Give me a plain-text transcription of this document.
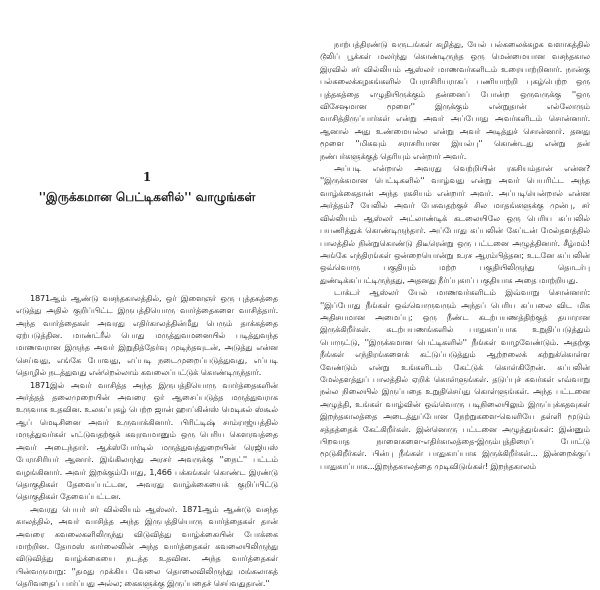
1
''இருக்கமான பெட்டிகளில்'' வாழுங்கள்

1871ஆம் ஆண்டு வசந்தகாலத்தில், ஒர் இளைஞர் ஒரு புத்தகத்தை எடுத்து அதில் குறிப்பிட்ட இருபத்தியொரு வார்த்தைகளை வாசித்தார். அந்த வார்த்தைகள் அவரது எதிர்காலத்தின்மீது பெரும் தாக்கத்தை ஏற்படுத்தின. மாண்ட்ரீல் பொது மருத்துவமனையில் படித்துவந்த மாணவரான இருந்த அவர் இறுதித்தேர்வு முடிந்தவுடன், அடுத்து என்ன செய்வது, எங்கே போவது, எப்படி நடைமுறைப்படுத்துவது, எப்படி தொழில் நடத்துவது என்றெல்லாம் கவலைப்பட்டுக் கொண்டிருந்தார்.

1871இல் அவர் வாசித்த அந்த இருபத்தியொரு வார்த்தைகளின் அர்த்தத் தலைமுறையின் அவரை ஒர் ஆசைப்படுத்த மருத்துவராக உருவாக உதவின. உலகப்புகழ் பெற்ற ஜான் ஹாப்கின்ஸ் மெடிகல் ஸ்கூல் ஆப் மெடிசினை அவர் உருவாக்கினார். பிரிட்டிஷ் சாம்ராஜ்யத்தில் மருத்துவர்கள் எட்டுவதற்குக் கவுரவமானும் ஒரு பெரிய கௌரவத்தை அவர் அடைந்தார். ஆக்ஸ்போர்டில் மருத்துவத்துறையின் ரெஜியஸ் பேராசிரியர் ஆனார். இங்கிலாந்து அரசர் அவருக்கு ''நைட்'' பட்டம் வழங்கினார். அவர் இறக்கும்போது, 1,466 பக்கங்கள் கொண்ட இரண்டு தொகுதிகள் தேவைப்பட்டன, அவரது வாழ்க்கையைக் குறிப்பிட்டு தொகுதிகள் தேவைப்பட்டன.

அவரது பெயர் சர் வில்லியம் ஆஸ்லர். 1871ஆம் ஆண்டு வசந்த காலத்தில், அவர் வாசித்த அந்த இருபத்தியொரு வார்த்தைகள் தான் அவரை கவலைகளிலிருந்து விடுவித்து வாழ்க்கையின் போக்கை மாற்றின. தோமஸ் கார்லைலின் அந்த வார்த்தைகள் கவலையிலிருந்து விடுவித்து வாழ்க்கையை நடத்த உதவின. அந்த வார்த்தைகள் பின்வருமாறு: ''தமது முக்கிய வேலை தொலைவிலிருந்து மங்கலாகத் தெரிவதைப் பார்ப்பது அல்ல; கைகளுக்கு இருப்பதைச் செய்வதுதான்.''

நாற்பத்திரண்டு வருடங்கள் கழித்து, யேல் பல்கலைக்கழக வளாகத்தில் டூலிப் பூக்கள் மலர்ந்து கொண்டிருந்த ஒரு மென்மையான வசந்தகால இரவில் சர் வில்லியம் ஆஸ்லர் மாணவர்களிடம் உரையாற்றினார். நான்கு பல்கலைக்கழகங்களில் பேராசிரியராகப் பணியாற்றி புகழ்பெற்ற ஒரு புத்தகத்தை எழுதியிருக்கும் தன்னைப் போன்ற ஒருவருக்கு ''ஒரு விசேஷமான மூளை'' இருக்கும் என்றுதான் எல்லோரும் வாசித்திருப்பார்கள் என்று அவர் அப்போது அவர்களிடம் சொன்னார். ஆனால் அது உண்மையல்ல என்று அவர் அடித்துச் சொன்னார். தனது மூளை ''மிகவும் சராசரியான இயல்பு'' கொண்டது என்று தன் நண்பர்களுக்குத் தெரியும் என்றார் அவர்.

அப்படி என்றால் அவரது வெற்றியின் ரகசியம்தான் என்ன? ''இருக்கமான பெட்டிகளில்'' வாழ்வது என்று அவர் பெயரிட்ட அந்த வாழ்க்கைதான் அந்த ரகசியம் என்றார் அவர். அப்படியென்றால் என்ன அர்த்தம்? யேலில் அவர் பேசுவதற்குச் சில மாதங்களுக்கு முன்பு, சர் வில்லியம் ஆஸ்லர் அட்லாண்டிக் கடலையிலே ஒரு பெரிய கப்பலில் பயணித்துக் கொண்டிருந்தார். அப்போது கப்பலின் கேப்டன் மேல்தளத்தில் பாலத்தில் நின்றுகொண்டு திடீரென்று ஒரு பட்டனை அழுத்தினார். சீழ்மம்! அங்கே எந்திரங்கள் ஒன்றையொன்று உரச ஆரம்பித்தன; உடனே கப்பலின் ஒவ்வொரு பகுதியும் மற்ற பகுதியிலிருந்து தொடர்பு துண்டிக்கப்பட்டிருந்தது, அதனது நீர்ப்புகாப் பகுதியாக அதை மாற்றியது.

டாக்டர் ஆஸ்லர் யேல் மாணவர்களிடம் இவ்வாறு சொன்னார்: ''இப்போது நீங்கள் ஒவ்வொருவரும் அந்தப் பெரிய கப்பலை விட மிக அதிசயமான அமைப்பு; ஒரு நீண்ட கடற்பயணத்திற்குத் தயாரான இருக்கிறீர்கள். கடற்பயணங்களில் பாதுகாப்பாக உறுதிப்படுத்தும் பொருட்டு, ''இருக்கமான பெட்டிகளில்'' நீங்கள் வாழவேண்டும். அதற்கு நீங்கள் எந்திரங்களைக் கட்டுப்படுத்தும் ஆற்றலைக் கற்றுக்கொள்ள வேண்டும் என்று உங்களிடம் கேட்டுக் கொள்கிறேன். கப்பலின் மேல்தளத்துப் பாலத்தில் ஏறிக் கொள்ளுங்கள். தடுப்புச் சுவர்கள் எவ்வாறு நல்ல நிலையில் இருப்பதை உறுதிசெய்து கொள்ளுங்கள். அந்த பட்டனை அழுத்தி, உங்கள் வாழ்வின் ஒவ்வொரு படிநிலையிலும் இருப்புக்கதவுகள் இறந்தகாலத்தை அடைத்துப்போன நேற்றுகளை-வெளியே தள்ளி மூடும் சத்தத்தைக் கேட்கிறீர்கள். இன்னொரு பட்டனை அழுத்துங்கள்: இன்னும் பிறவாத நாளைகளை-எதிர்காலத்தை-இரும்புத்திரைப் போட்டு மூடுகிறீர்கள். பின்பு நீங்கள் பாதுகாப்பாக இருக்கிறீர்கள்... இன்றைக்குப் பாதுகாப்பாக...இறந்தகாலத்தை முடிவிடுங்கள்! இறந்தகாலம்
